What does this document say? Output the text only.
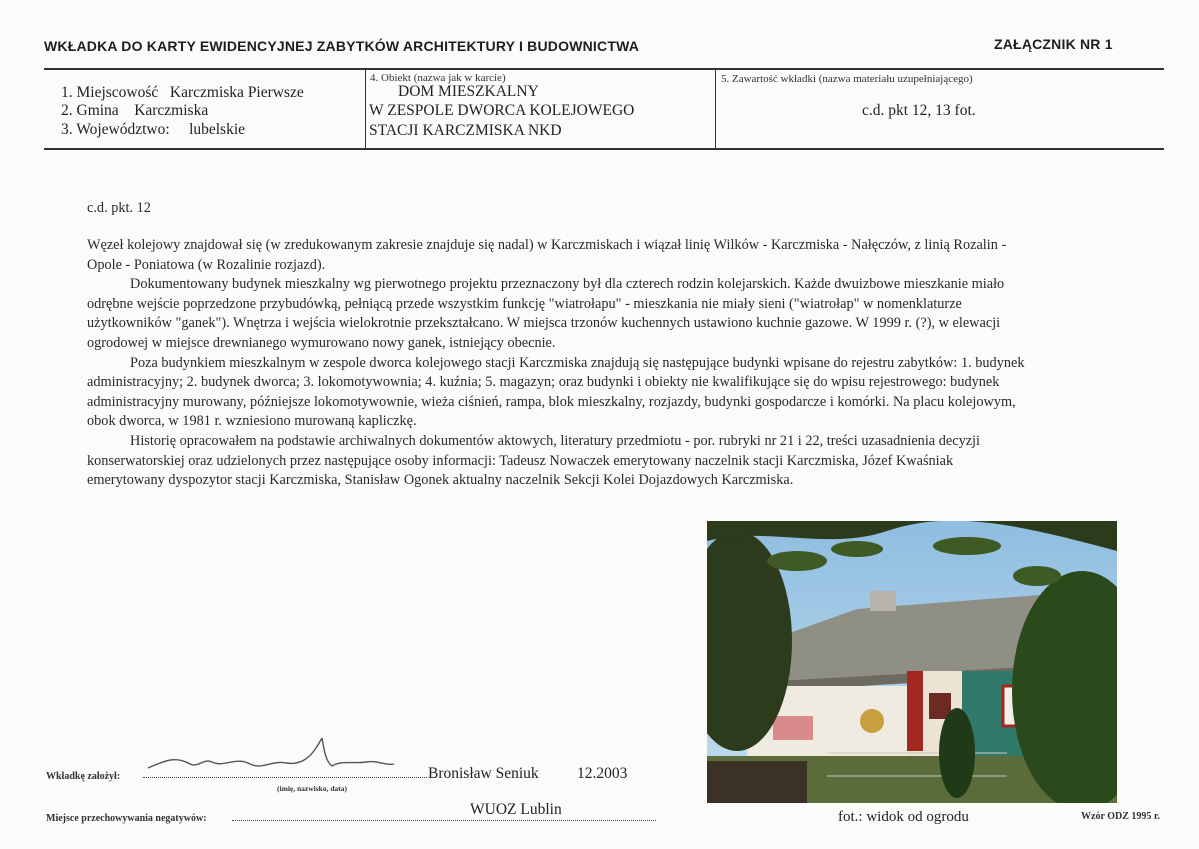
WKŁADKA DO KARTY EWIDENCYJNEJ ZABYTKÓW ARCHITEKTURY I BUDOWNICTWA	ZAŁĄCZNIK NR 1
1. Miejscowość Karczmiska Pierwsze
2. Gmina Karczmiska
3. Województwo: lubelskie
4. Obiekt (nazwa jak w karcie)
DOM MIESZKALNY
W ZESPOLE DWORCA KOLEJOWEGO
STACJI KARCZMISKA NKD
5. Zawartość wkładki (nazwa materiału uzupełniającego)
c.d. pkt 12, 13 fot.
c.d. pkt. 12

Węzeł kolejowy znajdował się (w zredukowanym zakresie znajduje się nadal) w Karczmiskach i wiązał linię Wilków - Karczmiska - Nałęczów, z linią Rozalin - Opole - Poniatowa (w Rozalinie rozjazd).

Dokumentowany budynek mieszkalny wg pierwotnego projektu przeznaczony był dla czterech rodzin kolejarskich. Każde dwuizbowe mieszkanie miało odrębne wejście poprzedzone przybudówką, pełniącą przede wszystkim funkcję "wiatrołapu" - mieszkania nie miały sieni ("wiatrołap" w nomenklaturze użytkowników "ganek"). Wnętrza i wejścia wielokrotnie przekształcano. W miejsca trzonów kuchennych ustawiono kuchnie gazowe. W 1999 r. (?), w elewacji ogrodowej w miejsce drewnianego wymurowano nowy ganek, istniejący obecnie.

Poza budynkiem mieszkalnym w zespole dworca kolejowego stacji Karczmiska znajdują się następujące budynki wpisane do rejestru zabytków: 1. budynek administracyjny; 2. budynek dworca; 3. lokomotywownia; 4. kuźnia; 5. magazyn; oraz budynki i obiekty nie kwalifikujące się do wpisu rejestrowego: budynek administracyjny murowany, późniejsze lokomotywownie, wieża ciśnień, rampa, blok mieszkalny, rozjazdy, budynki gospodarcze i komórki. Na placu kolejowym, obok dworca, w 1981 r. wzniesiono murowaną kapliczkę.

Historię opracowałem na podstawie archiwalnych dokumentów aktowych, literatury przedmiotu - por. rubryki nr 21 i 22, treści uzasadnienia decyzji konserwatorskiej oraz udzielonych przez następujące osoby informacji: Tadeusz Nowaczek emerytowany naczelnik stacji Karczmiska, Józef Kwaśniak emerytowany dyspozytor stacji Karczmiska, Stanisław Ogonek aktualny naczelnik Sekcji Kolei Dojazdowych Karczmiska.

Wkładkę założył:
(imię, nazwisko, data)
Bronisław Seniuk 12.2003
Miejsce przechowywania negatywów:
WUOZ Lublin	fot.: widok od ogrodu	Wzór ODZ 1995 r.
